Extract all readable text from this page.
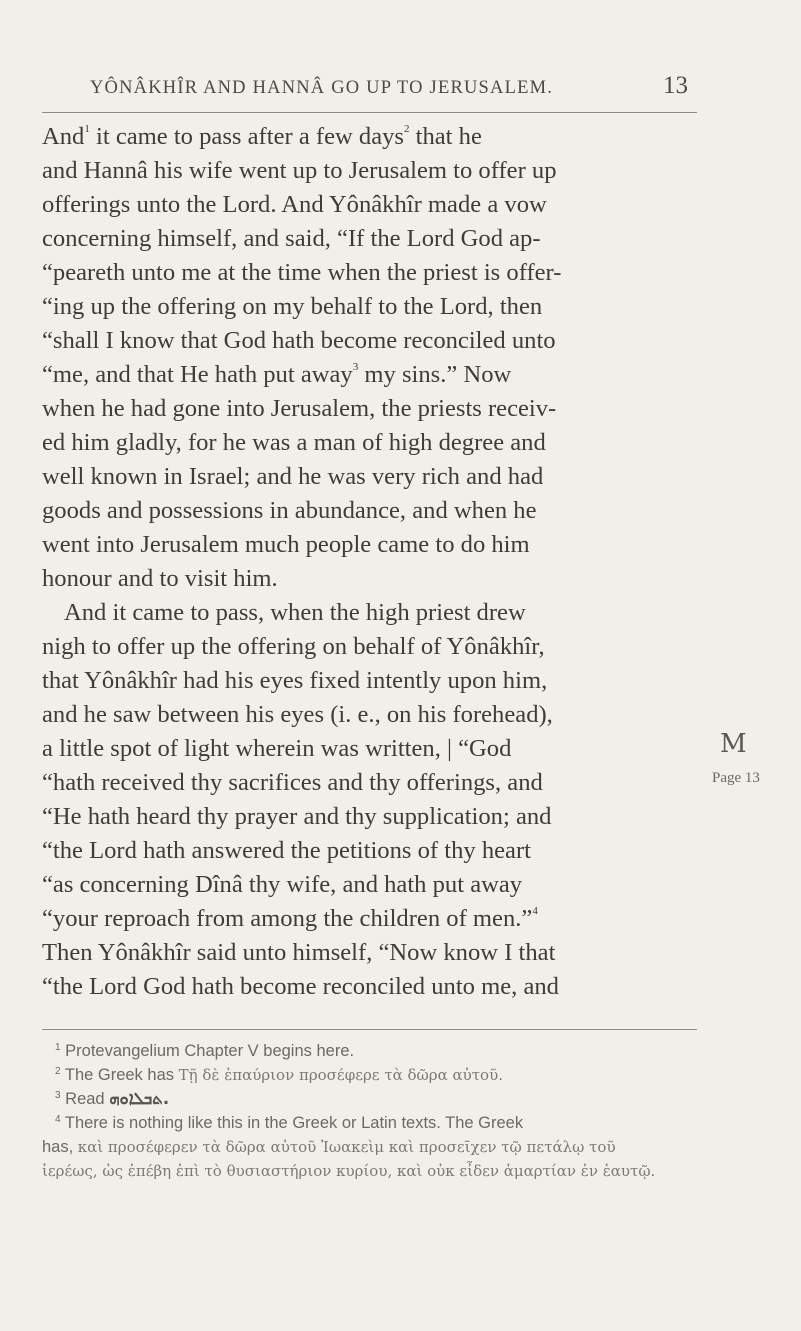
YÔNÂKHÎR AND HANNÂ GO UP TO JERUSALEM.	13
And$^1$ it came to pass after a few days$^2$ that he
and Hannâ his wife went up to Jerusalem to offer up
offerings unto the Lord. And Yônâkhîr made a vow
concerning himself, and said, “If the Lord God ap-
“peareth unto me at the time when the priest is offer-
“ing up the offering on my behalf to the Lord, then
“shall I know that God hath become reconciled unto
“me, and that He hath put away$^3$ my sins.” Now
when he had gone into Jerusalem, the priests receiv-
ed him gladly, for he was a man of high degree and
well known in Israel; and he was very rich and had
goods and possessions in abundance, and when he
went into Jerusalem much people came to do him
honour and to visit him.
And it came to pass, when the high priest drew
nigh to offer up the offering on behalf of Yônâkhîr,
that Yônâkhîr had his eyes fixed intently upon him,
and he saw between his eyes (i. e., on his forehead),
a little spot of light wherein was written, | “God
“hath received thy sacrifices and thy offerings, and
“He hath heard thy prayer and thy supplication; and
“the Lord hath answered the petitions of thy heart
“as concerning Dînâ thy wife, and hath put away
“your reproach from among the children of men.”$^4$
Then Yônâkhîr said unto himself, “Now know I that
“the Lord God hath become reconciled unto me, and
M
Page 13
$^1$ Protevangelium Chapter V begins here.
$^2$ The Greek has Τῇ δὲ ἐπαύριον προσέφερε τὰ δῶρα αὐτοῦ.
$^3$ Read ܬܒܠܐܘܗ.
$^4$ There is nothing like this in the Greek or Latin texts. The Greek
has, καὶ προσέφερεν τὰ δῶρα αὐτοῦ Ἰωακεὶμ καὶ προσεῖχεν τῷ πετάλῳ τοῦ
ἱερέως, ὡς ἐπέβη ἐπὶ τὸ θυσιαστήριον κυρίου, καὶ οὐκ εἶδεν ἁμαρτίαν ἐν ἑαυτῷ.
